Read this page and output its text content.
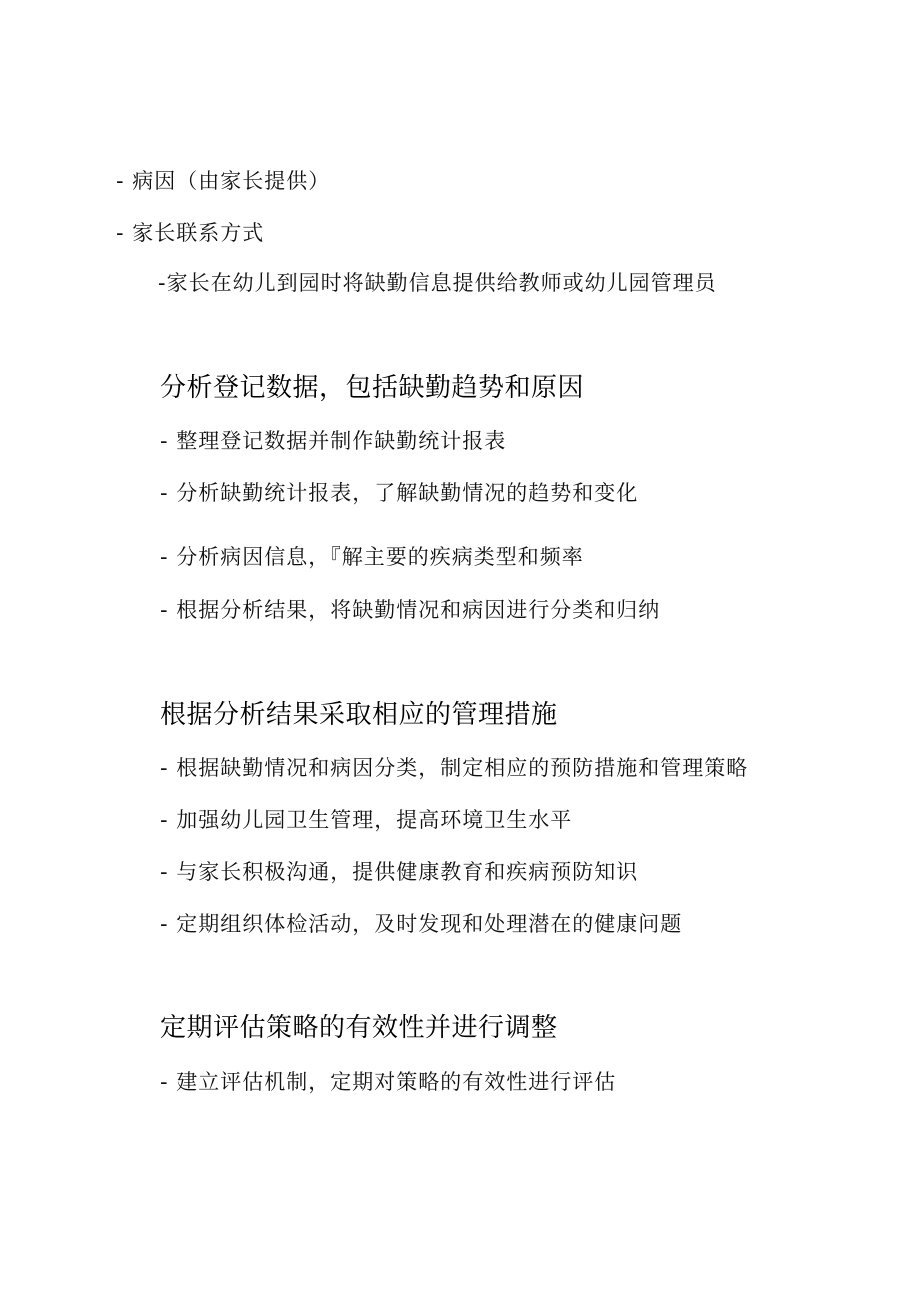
- 病因（由家长提供）
- 家长联系方式
-家长在幼儿到园时将缺勤信息提供给教师或幼儿园管理员
分析登记数据，包括缺勤趋势和原因
- 整理登记数据并制作缺勤统计报表
- 分析缺勤统计报表，了解缺勤情况的趋势和变化
- 分析病因信息，『解主要的疾病类型和频率
- 根据分析结果，将缺勤情况和病因进行分类和归纳
根据分析结果采取相应的管理措施
- 根据缺勤情况和病因分类，制定相应的预防措施和管理策略
- 加强幼儿园卫生管理，提高环境卫生水平
- 与家长积极沟通，提供健康教育和疾病预防知识
- 定期组织体检活动，及时发现和处理潜在的健康问题
定期评估策略的有效性并进行调整
- 建立评估机制，定期对策略的有效性进行评估
